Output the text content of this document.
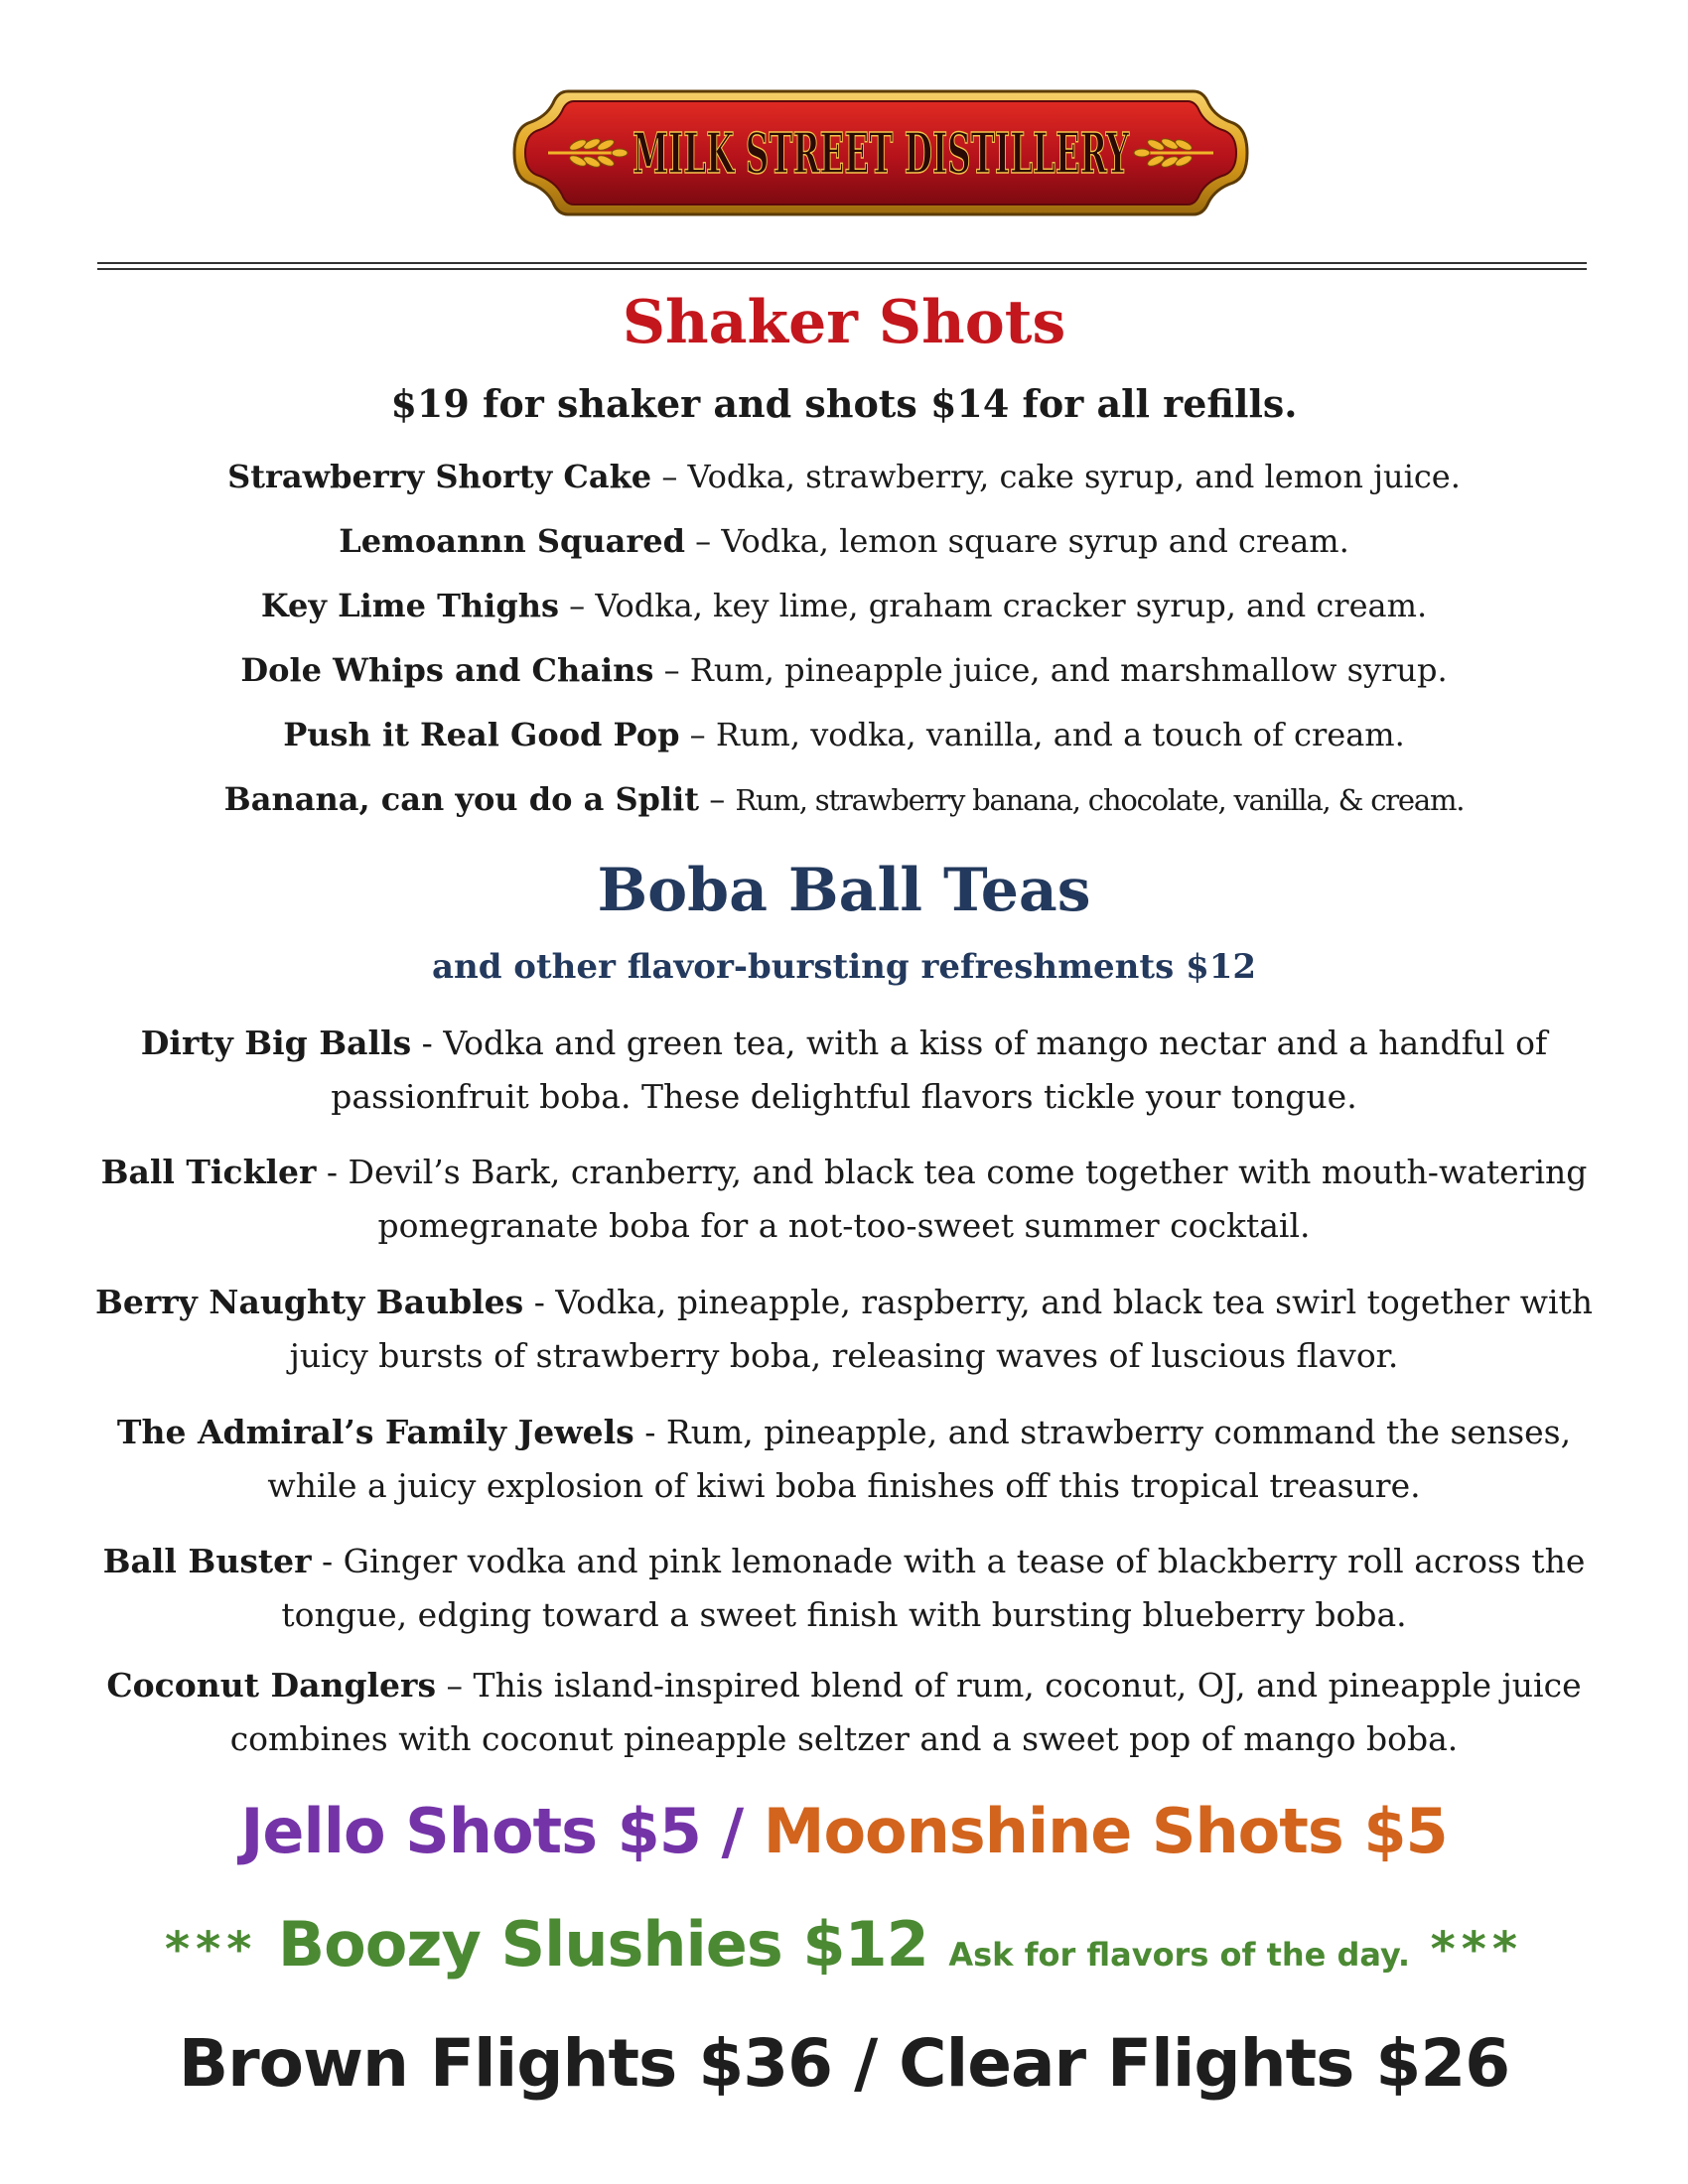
MILK STREET DISTILLERY
Shaker Shots
$19 for shaker and shots $14 for all refills.
Strawberry Shorty Cake – Vodka, strawberry, cake syrup, and lemon juice.
Lemoannn Squared – Vodka, lemon square syrup and cream.
Key Lime Thighs – Vodka, key lime, graham cracker syrup, and cream.
Dole Whips and Chains – Rum, pineapple juice, and marshmallow syrup.
Push it Real Good Pop – Rum, vodka, vanilla, and a touch of cream.
Banana, can you do a Split – Rum, strawberry banana, chocolate, vanilla, & cream.
Boba Ball Teas
and other flavor-bursting refreshments $12
Dirty Big Balls - Vodka and green tea, with a kiss of mango nectar and a handful of passionfruit boba. These delightful flavors tickle your tongue.
Ball Tickler - Devil’s Bark, cranberry, and black tea come together with mouth-watering pomegranate boba for a not-too-sweet summer cocktail.
Berry Naughty Baubles - Vodka, pineapple, raspberry, and black tea swirl together with juicy bursts of strawberry boba, releasing waves of luscious flavor.
The Admiral’s Family Jewels - Rum, pineapple, and strawberry command the senses, while a juicy explosion of kiwi boba finishes off this tropical treasure.
Ball Buster - Ginger vodka and pink lemonade with a tease of blackberry roll across the tongue, edging toward a sweet finish with bursting blueberry boba.
Coconut Danglers – This island-inspired blend of rum, coconut, OJ, and pineapple juice combines with coconut pineapple seltzer and a sweet pop of mango boba.
Jello Shots $5 / Moonshine Shots $5
*** Boozy Slushies $12 Ask for flavors of the day. ***
Brown Flights $36 / Clear Flights $26
